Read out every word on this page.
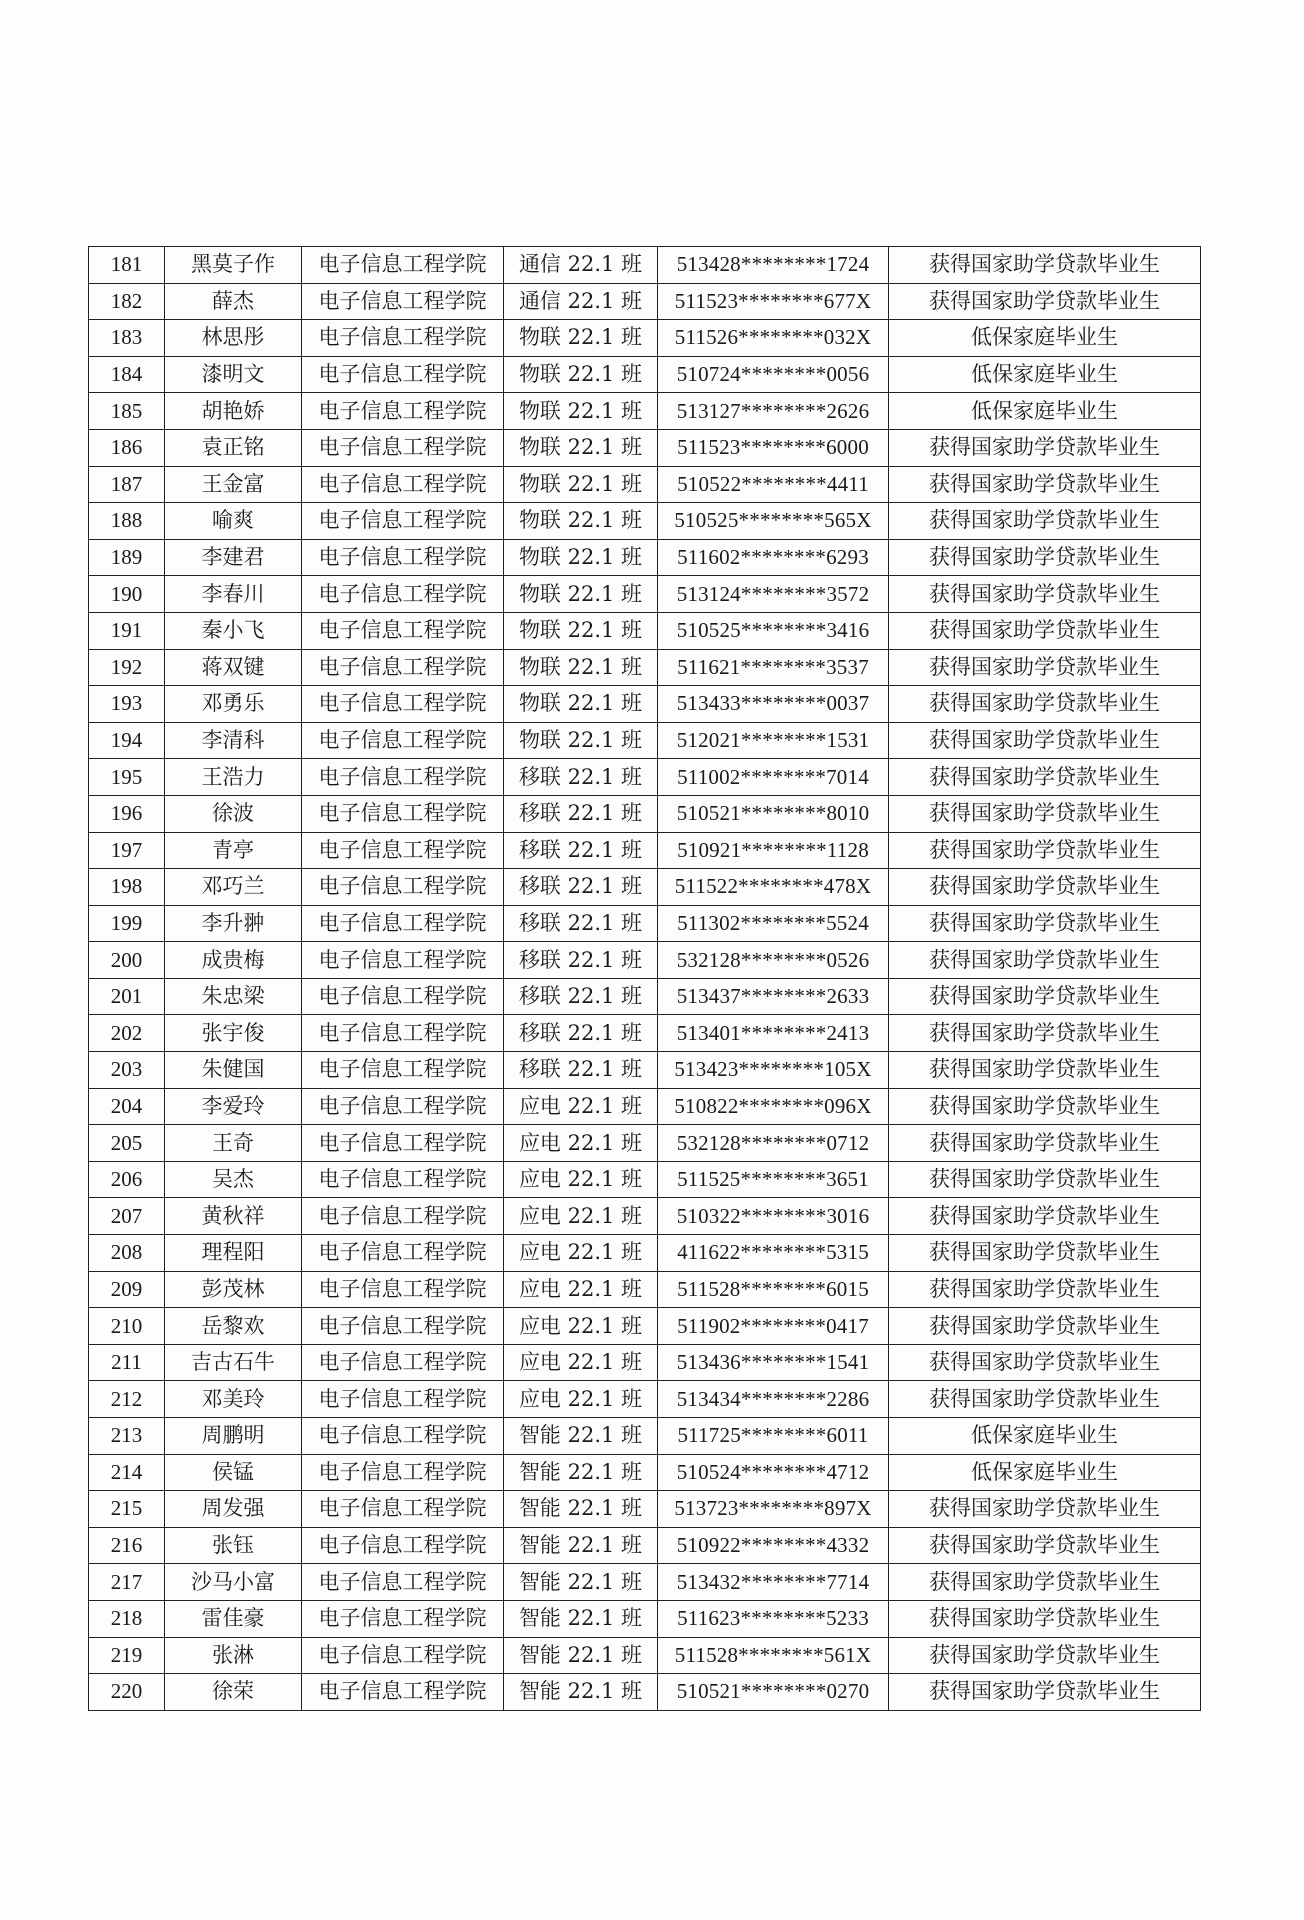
181	黑莫子作	电子信息工程学院	通信 22.1 班	513428********1724	获得国家助学贷款毕业生
182	薛杰	电子信息工程学院	通信 22.1 班	511523********677X	获得国家助学贷款毕业生
183	林思彤	电子信息工程学院	物联 22.1 班	511526********032X	低保家庭毕业生
184	漆明文	电子信息工程学院	物联 22.1 班	510724********0056	低保家庭毕业生
185	胡艳娇	电子信息工程学院	物联 22.1 班	513127********2626	低保家庭毕业生
186	袁正铭	电子信息工程学院	物联 22.1 班	511523********6000	获得国家助学贷款毕业生
187	王金富	电子信息工程学院	物联 22.1 班	510522********4411	获得国家助学贷款毕业生
188	喻爽	电子信息工程学院	物联 22.1 班	510525********565X	获得国家助学贷款毕业生
189	李建君	电子信息工程学院	物联 22.1 班	511602********6293	获得国家助学贷款毕业生
190	李春川	电子信息工程学院	物联 22.1 班	513124********3572	获得国家助学贷款毕业生
191	秦小飞	电子信息工程学院	物联 22.1 班	510525********3416	获得国家助学贷款毕业生
192	蒋双键	电子信息工程学院	物联 22.1 班	511621********3537	获得国家助学贷款毕业生
193	邓勇乐	电子信息工程学院	物联 22.1 班	513433********0037	获得国家助学贷款毕业生
194	李清科	电子信息工程学院	物联 22.1 班	512021********1531	获得国家助学贷款毕业生
195	王浩力	电子信息工程学院	移联 22.1 班	511002********7014	获得国家助学贷款毕业生
196	徐波	电子信息工程学院	移联 22.1 班	510521********8010	获得国家助学贷款毕业生
197	青亭	电子信息工程学院	移联 22.1 班	510921********1128	获得国家助学贷款毕业生
198	邓巧兰	电子信息工程学院	移联 22.1 班	511522********478X	获得国家助学贷款毕业生
199	李升翀	电子信息工程学院	移联 22.1 班	511302********5524	获得国家助学贷款毕业生
200	成贵梅	电子信息工程学院	移联 22.1 班	532128********0526	获得国家助学贷款毕业生
201	朱忠梁	电子信息工程学院	移联 22.1 班	513437********2633	获得国家助学贷款毕业生
202	张宇俊	电子信息工程学院	移联 22.1 班	513401********2413	获得国家助学贷款毕业生
203	朱健国	电子信息工程学院	移联 22.1 班	513423********105X	获得国家助学贷款毕业生
204	李爱玲	电子信息工程学院	应电 22.1 班	510822********096X	获得国家助学贷款毕业生
205	王奇	电子信息工程学院	应电 22.1 班	532128********0712	获得国家助学贷款毕业生
206	吴杰	电子信息工程学院	应电 22.1 班	511525********3651	获得国家助学贷款毕业生
207	黄秋祥	电子信息工程学院	应电 22.1 班	510322********3016	获得国家助学贷款毕业生
208	理程阳	电子信息工程学院	应电 22.1 班	411622********5315	获得国家助学贷款毕业生
209	彭茂林	电子信息工程学院	应电 22.1 班	511528********6015	获得国家助学贷款毕业生
210	岳黎欢	电子信息工程学院	应电 22.1 班	511902********0417	获得国家助学贷款毕业生
211	吉古石牛	电子信息工程学院	应电 22.1 班	513436********1541	获得国家助学贷款毕业生
212	邓美玲	电子信息工程学院	应电 22.1 班	513434********2286	获得国家助学贷款毕业生
213	周鹏明	电子信息工程学院	智能 22.1 班	511725********6011	低保家庭毕业生
214	侯锰	电子信息工程学院	智能 22.1 班	510524********4712	低保家庭毕业生
215	周发强	电子信息工程学院	智能 22.1 班	513723********897X	获得国家助学贷款毕业生
216	张钰	电子信息工程学院	智能 22.1 班	510922********4332	获得国家助学贷款毕业生
217	沙马小富	电子信息工程学院	智能 22.1 班	513432********7714	获得国家助学贷款毕业生
218	雷佳豪	电子信息工程学院	智能 22.1 班	511623********5233	获得国家助学贷款毕业生
219	张淋	电子信息工程学院	智能 22.1 班	511528********561X	获得国家助学贷款毕业生
220	徐荣	电子信息工程学院	智能 22.1 班	510521********0270	获得国家助学贷款毕业生
